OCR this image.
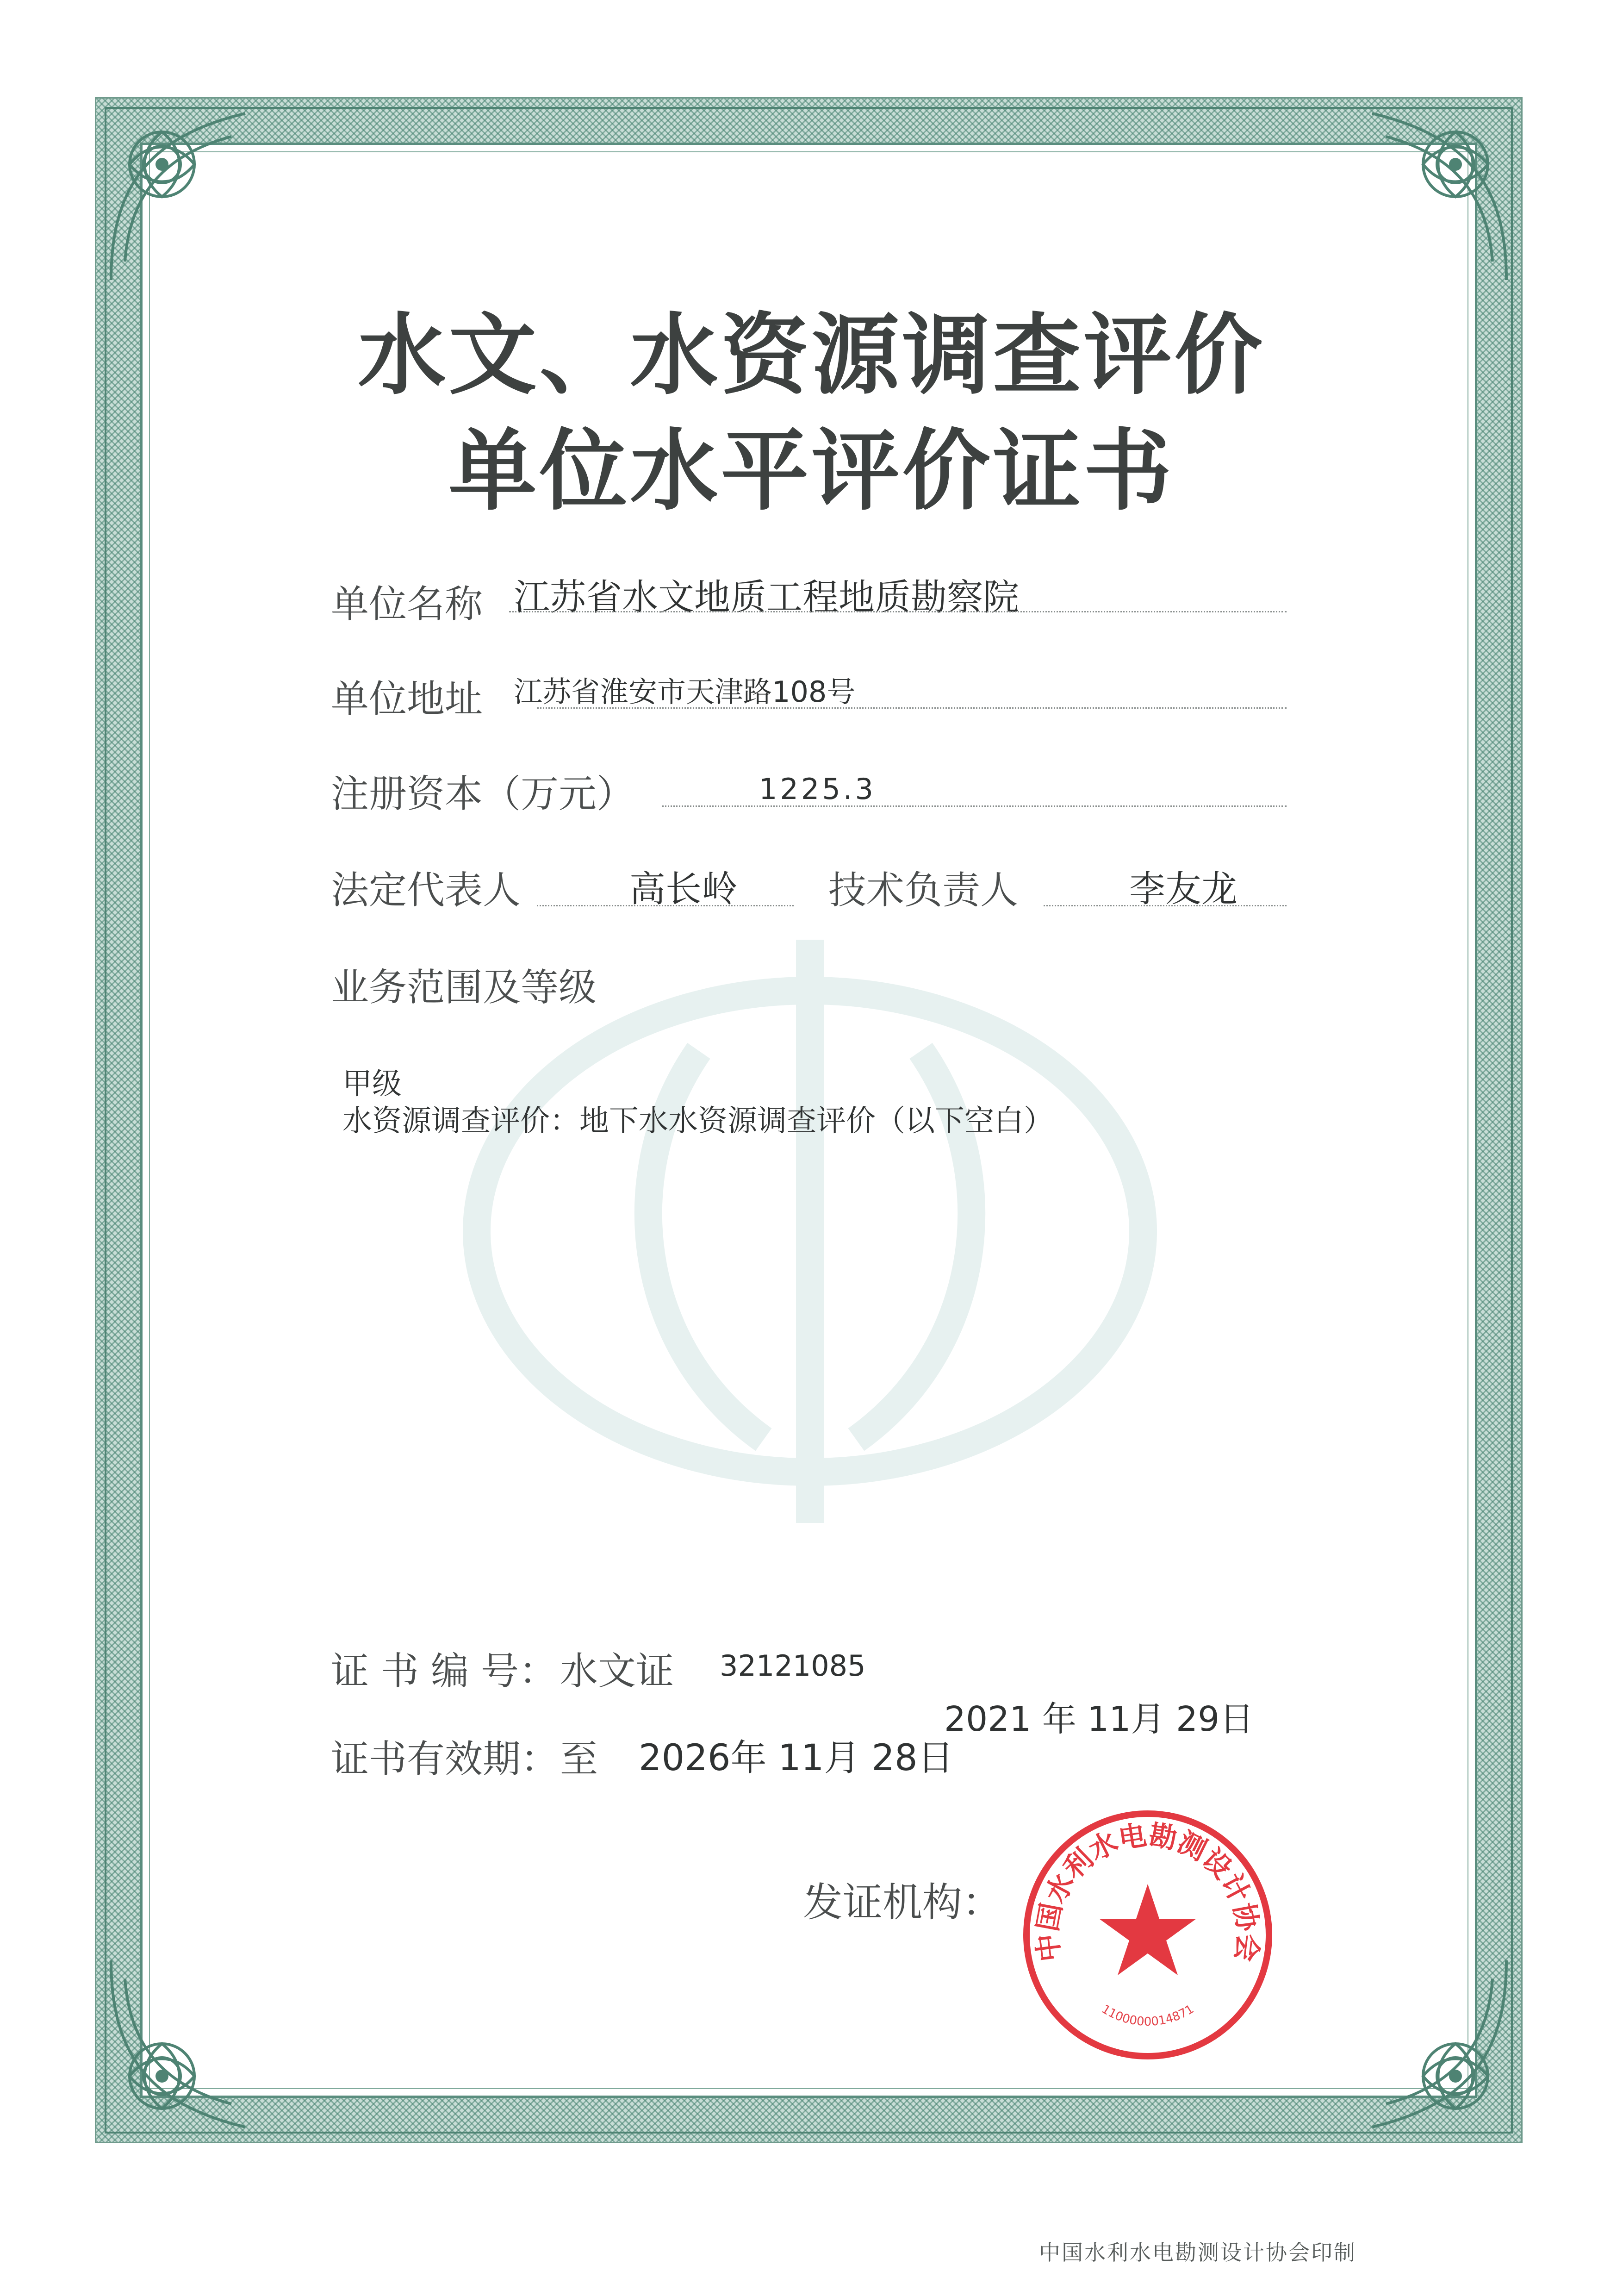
水文、水资源调查评价
单位水平评价证书
单位名称 江苏省水文地质工程地质勘察院
单位地址 江苏省淮安市天津路108号
注册资本（万元）	1225.3
法定代表人	高长岭 技术负责人	李友龙
业务范围及等级
甲级
水资源调查评价：地下水水资源调查评价（以下空白）
证 书 编 号： 水文证 32121085
证书有效期： 至 2026年 11月 28日
发证机构：
中国水利水电勘测设计协会
1100000014871
2021 年 11月 29日
中国水利水电勘测设计协会印制
